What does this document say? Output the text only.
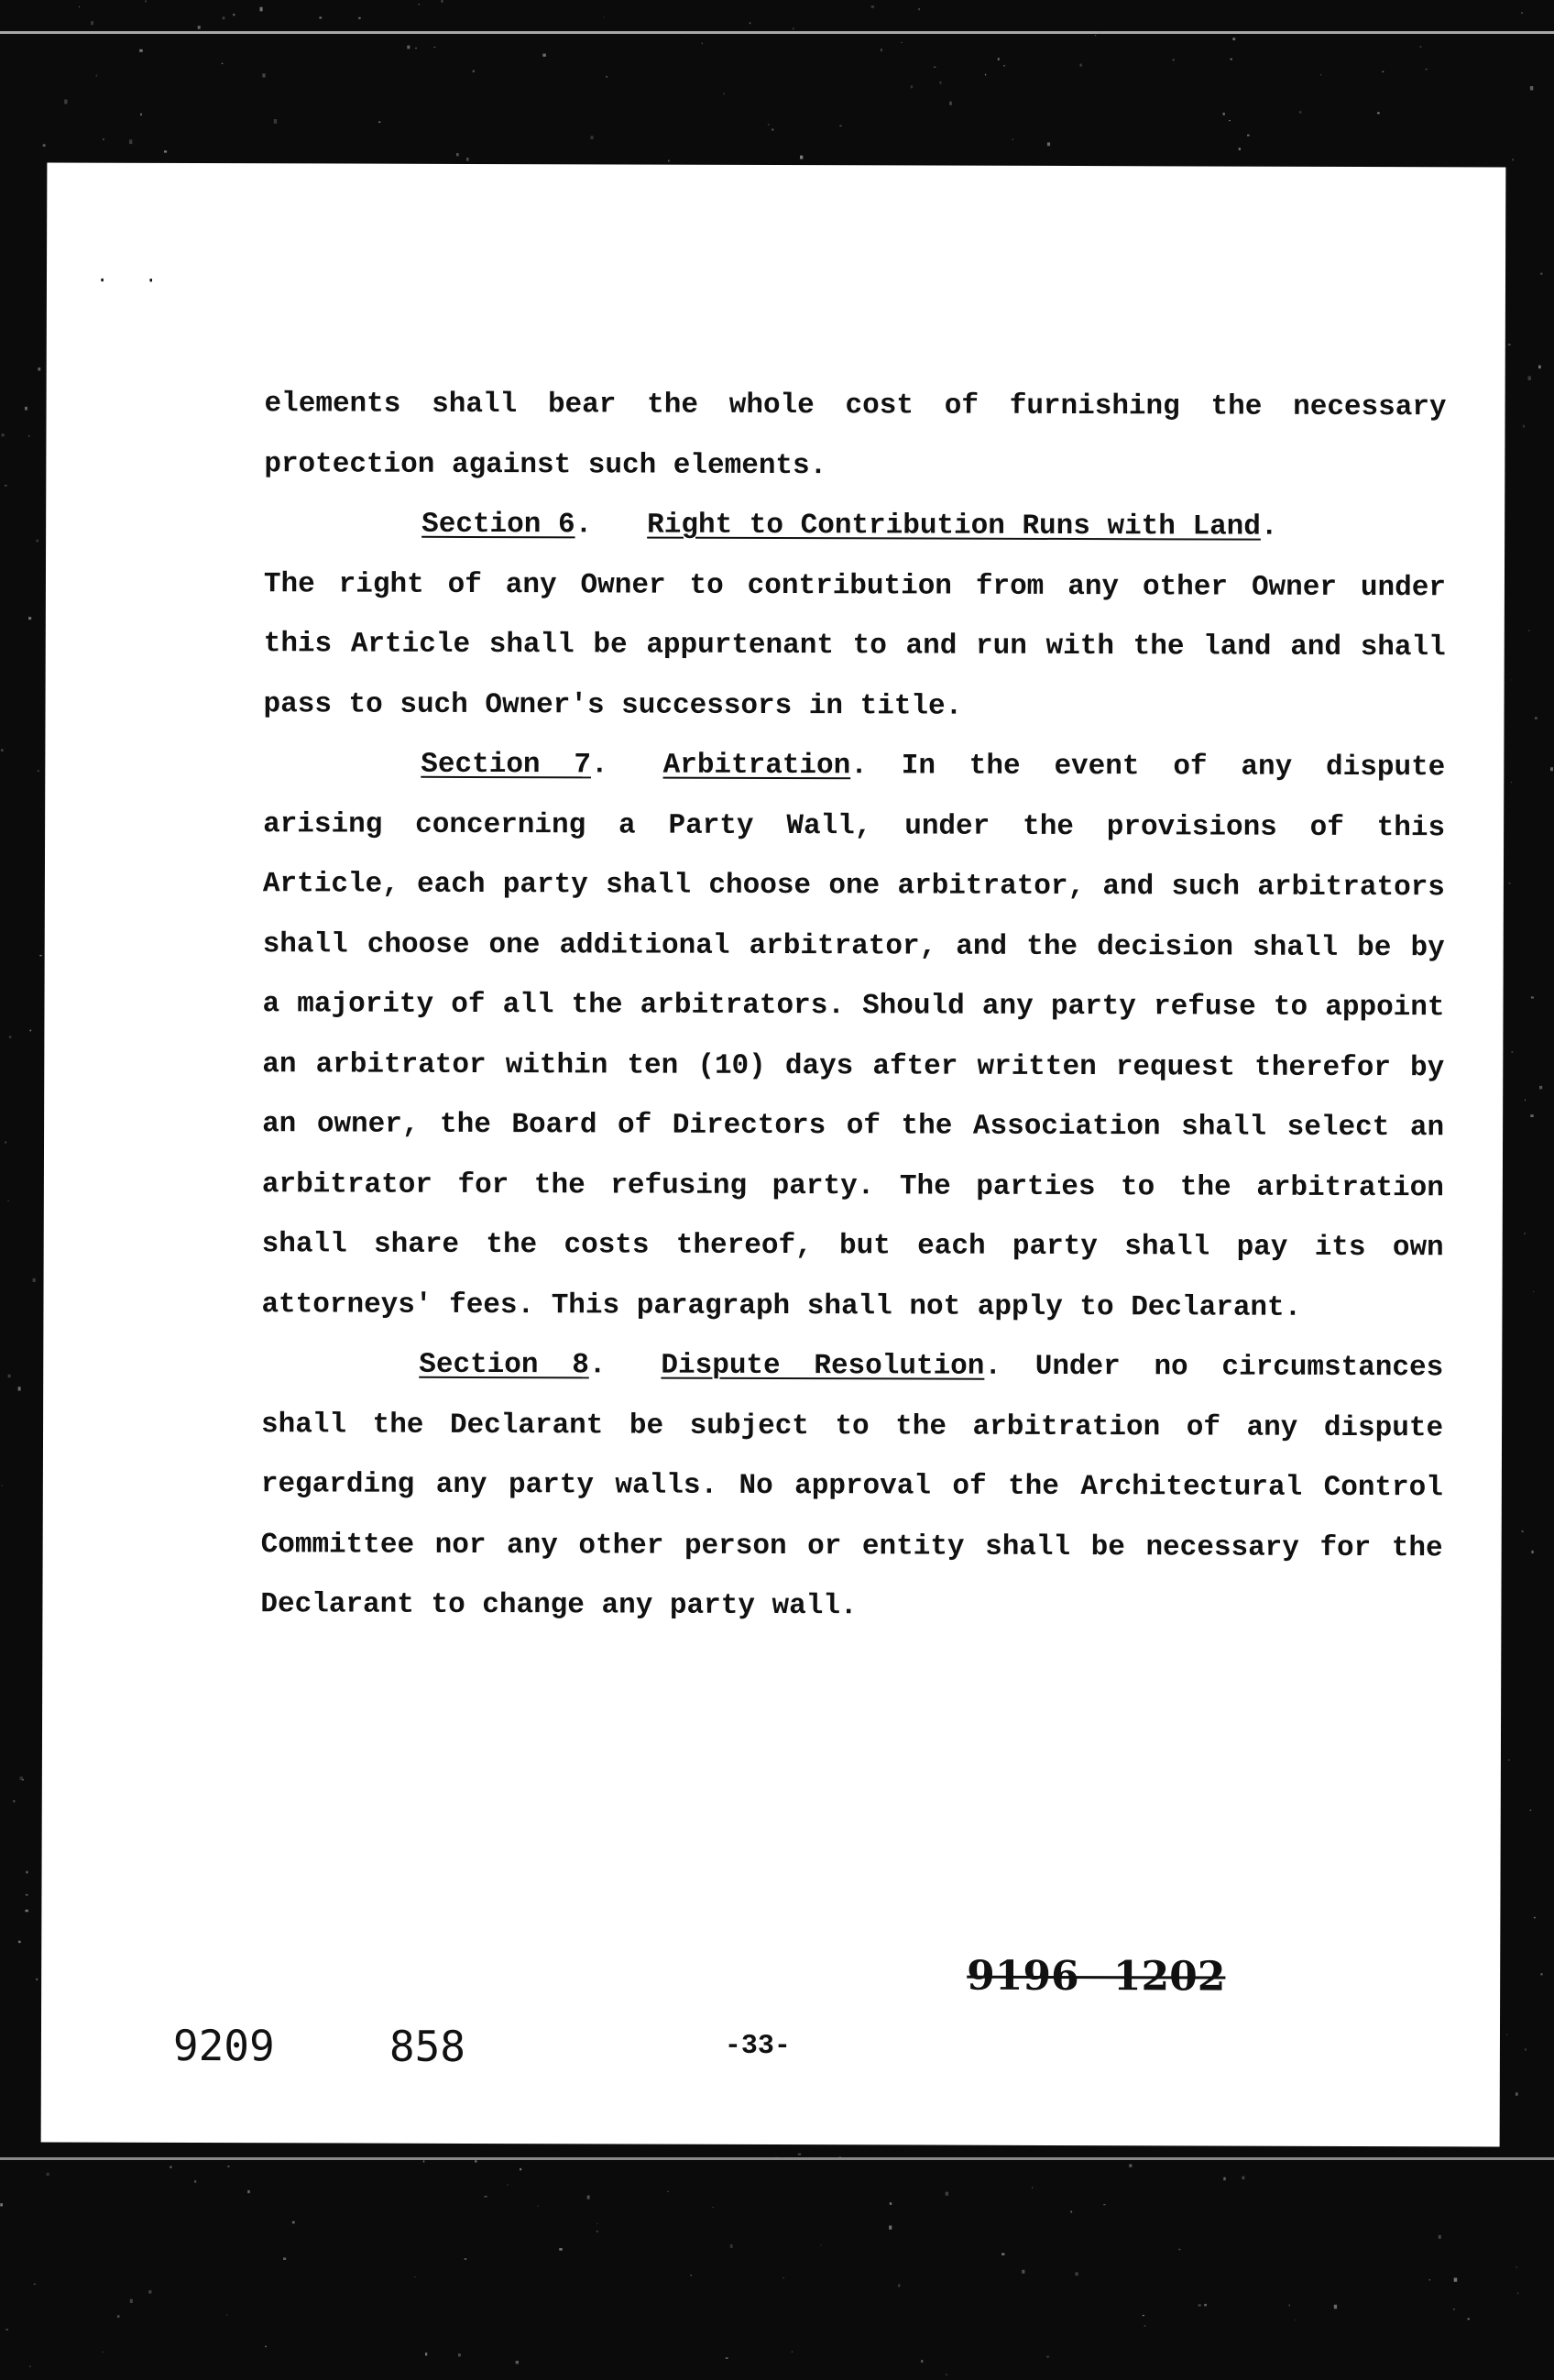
··

elements shall bear the whole cost of furnishing the necessary protection against such elements.

Section 6. Right to Contribution Runs with Land.

The right of any Owner to contribution from any other Owner under this Article shall be appurtenant to and run with the land and shall pass to such Owner's successors in title.

Section 7. Arbitration. In the event of any dispute arising concerning a Party Wall, under the provisions of this Article, each party shall choose one arbitrator, and such arbitrators shall choose one additional arbitrator, and the decision shall be by a majority of all the arbitrators. Should any party refuse to appoint an arbitrator within ten (10) days after written request therefor by an owner, the Board of Directors of the Association shall select an arbitrator for the refusing party. The parties to the arbitration shall share the costs thereof, but each party shall pay its own attorneys' fees. This paragraph shall not apply to Declarant.

Section 8. Dispute Resolution. Under no circumstances shall the Declarant be subject to the arbitration of any dispute regarding any party walls. No approval of the Architectural Control Committee nor any other person or entity shall be necessary for the Declarant to change any party wall.

9196 1202
9209	858	-33-
